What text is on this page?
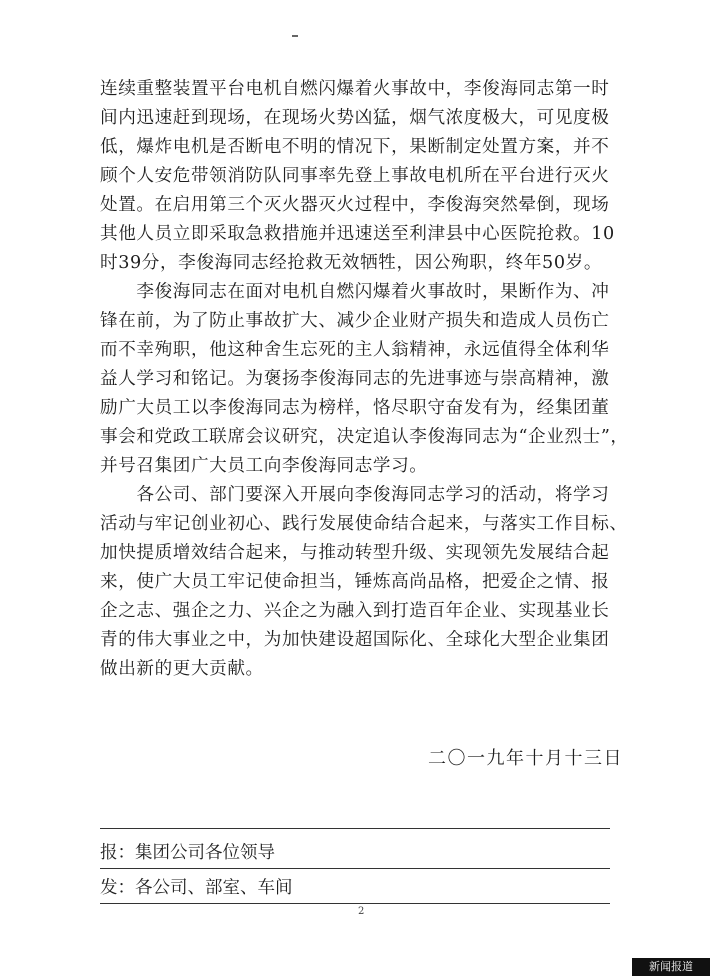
连续重整装置平台电机自燃闪爆着火事故中，李俊海同志第一时
间内迅速赶到现场，在现场火势凶猛，烟气浓度极大，可见度极
低，爆炸电机是否断电不明的情况下，果断制定处置方案，并不
顾个人安危带领消防队同事率先登上事故电机所在平台进行灭火
处置。在启用第三个灭火器灭火过程中，李俊海突然晕倒，现场
其他人员立即采取急救措施并迅速送至利津县中心医院抢救。10
时39分，李俊海同志经抢救无效牺牲，因公殉职，终年50岁。
　　李俊海同志在面对电机自燃闪爆着火事故时，果断作为、冲
锋在前，为了防止事故扩大、减少企业财产损失和造成人员伤亡
而不幸殉职，他这种舍生忘死的主人翁精神，永远值得全体利华
益人学习和铭记。为褒扬李俊海同志的先进事迹与崇高精神，激
励广大员工以李俊海同志为榜样，恪尽职守奋发有为，经集团董
事会和党政工联席会议研究，决定追认李俊海同志为“企业烈士”，
并号召集团广大员工向李俊海同志学习。
　　各公司、部门要深入开展向李俊海同志学习的活动，将学习
活动与牢记创业初心、践行发展使命结合起来，与落实工作目标、
加快提质增效结合起来，与推动转型升级、实现领先发展结合起
来，使广大员工牢记使命担当，锤炼高尚品格，把爱企之情、报
企之志、强企之力、兴企之为融入到打造百年企业、实现基业长
青的伟大事业之中，为加快建设超国际化、全球化大型企业集团
做出新的更大贡献。
二〇一九年十月十三日
报：集团公司各位领导
发：各公司、部室、车间
2
新闻报道
